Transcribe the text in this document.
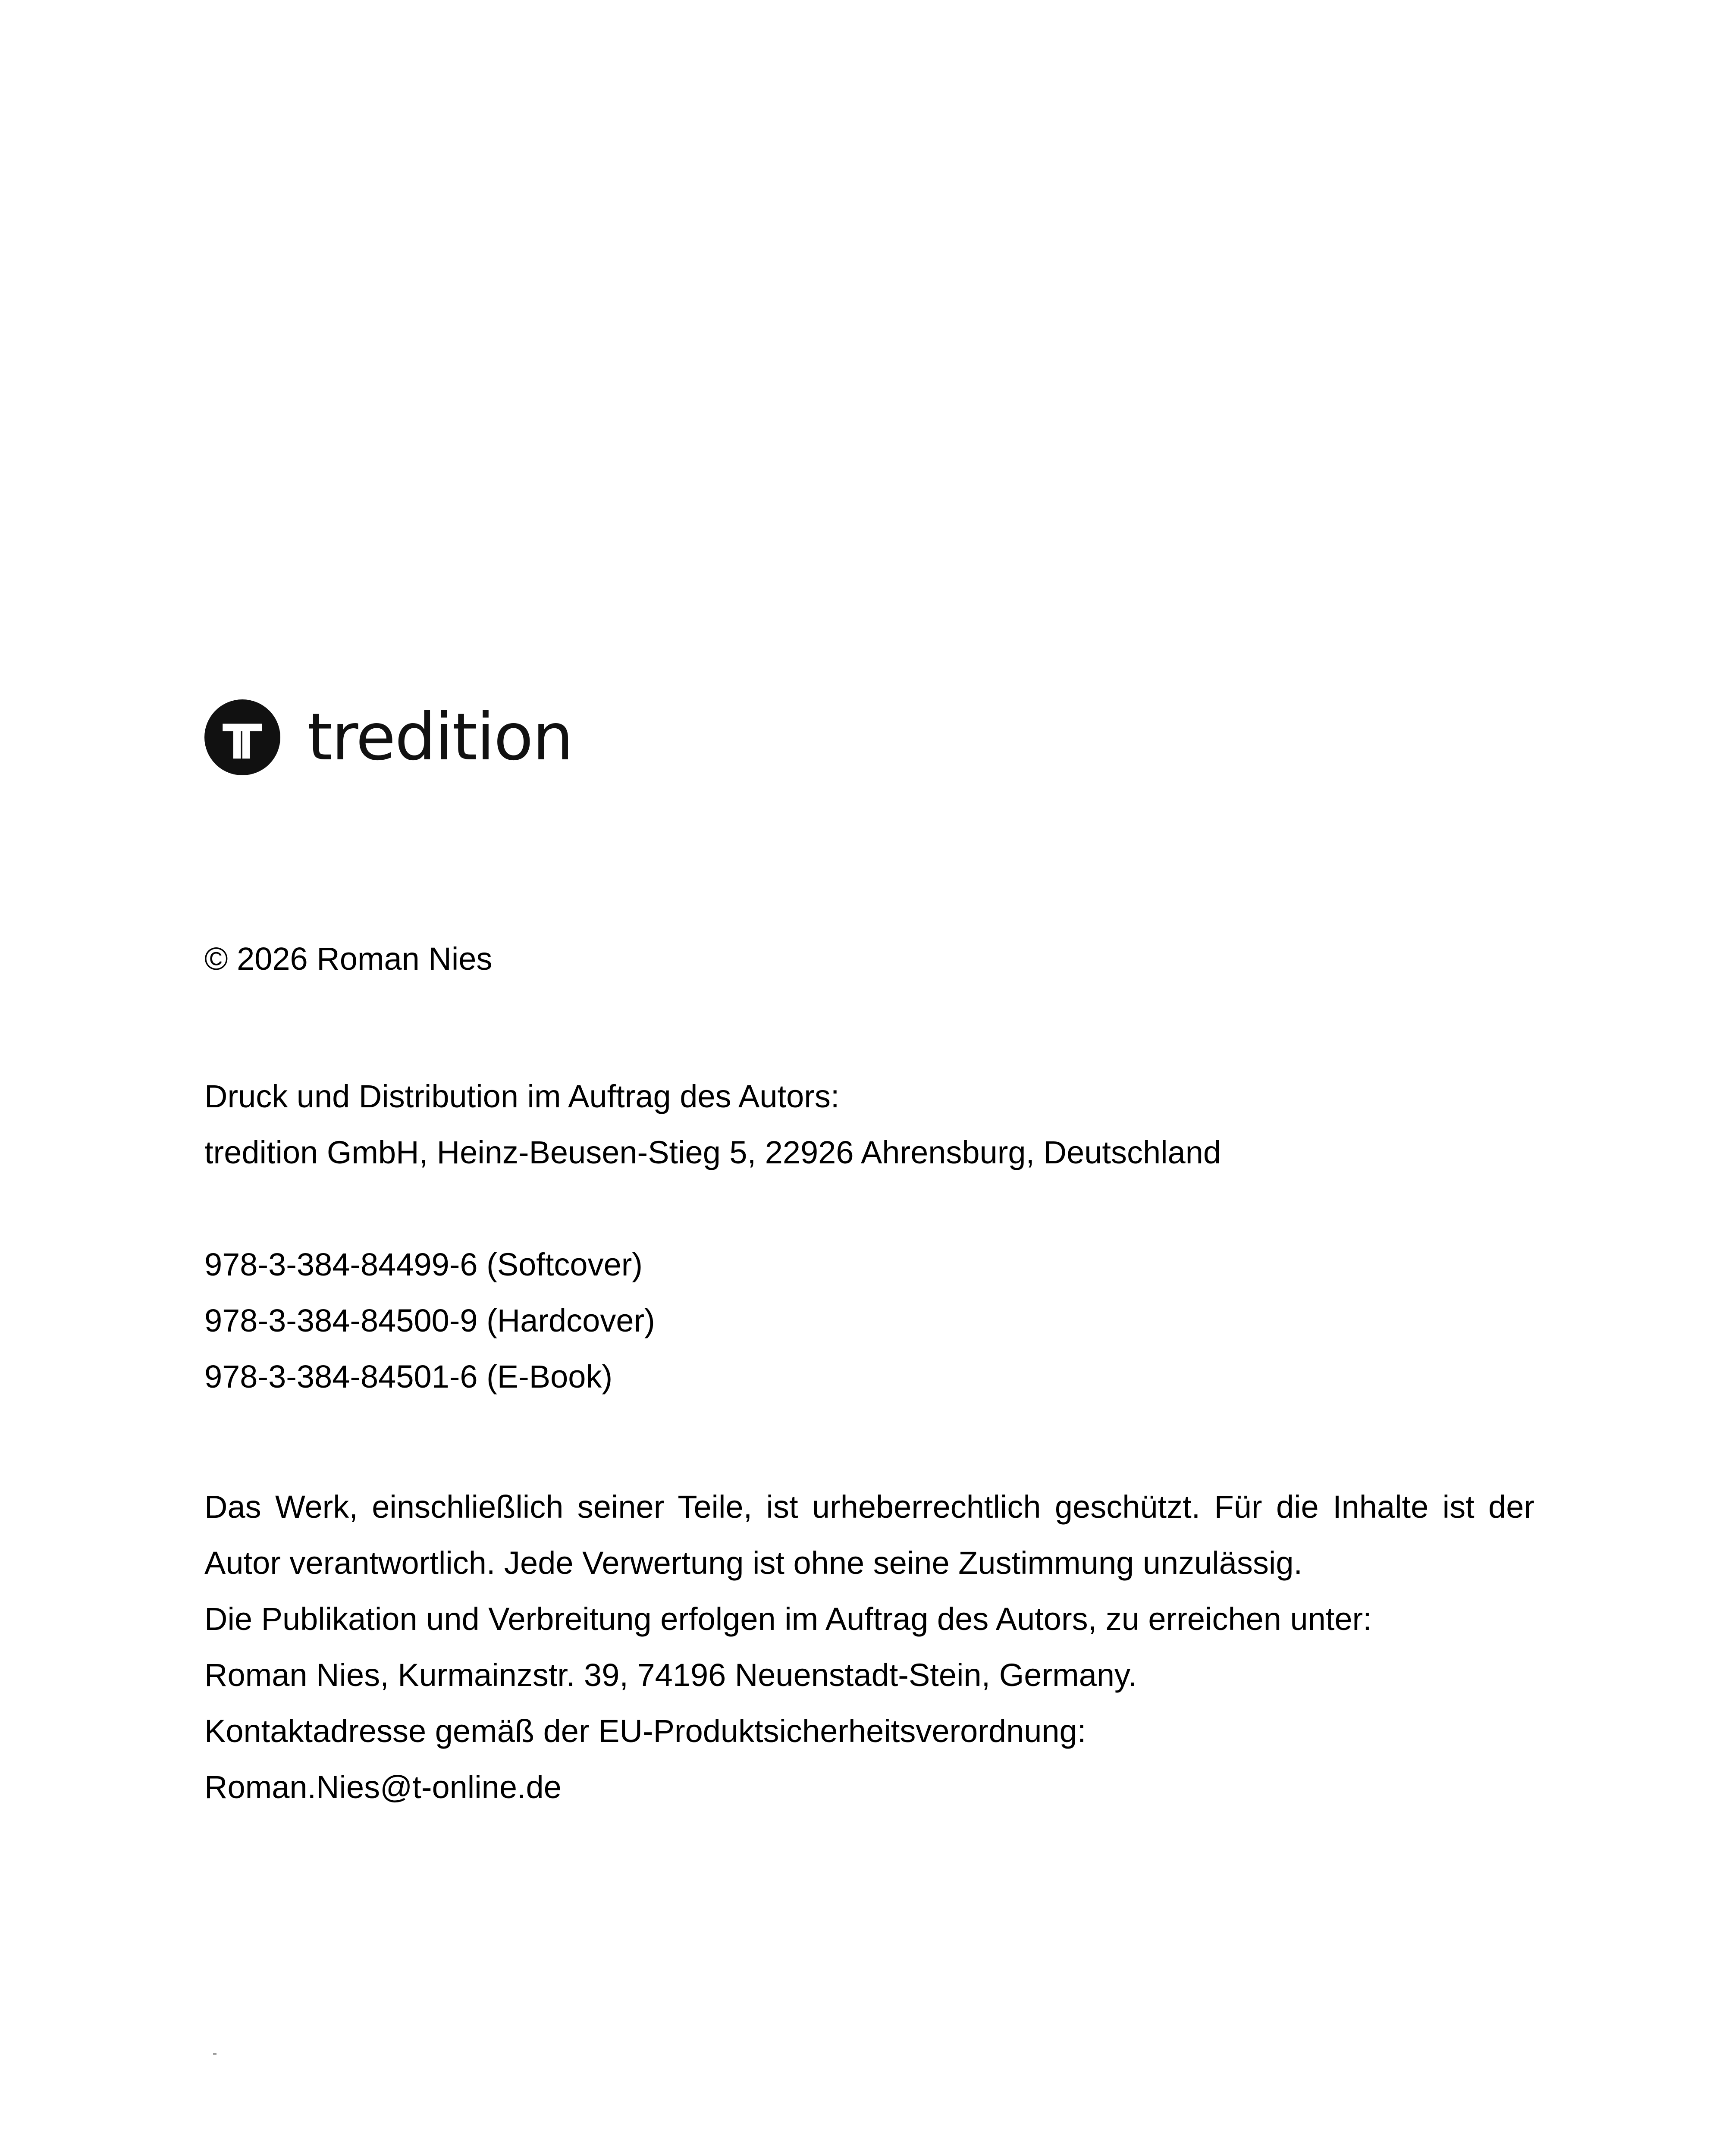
tredition
© 2026 Roman Nies
Druck und Distribution im Auftrag des Autors:
tredition GmbH, Heinz-Beusen-Stieg 5, 22926 Ahrensburg, Deutschland
978-3-384-84499-6 (Softcover)
978-3-384-84500-9 (Hardcover)
978-3-384-84501-6 (E-Book)
Das Werk, einschließlich seiner Teile, ist urheberrechtlich geschützt. Für die Inhalte ist der
Autor verantwortlich. Jede Verwertung ist ohne seine Zustimmung unzulässig.
Die Publikation und Verbreitung erfolgen im Auftrag des Autors, zu erreichen unter:
Roman Nies, Kurmainzstr. 39, 74196 Neuenstadt-Stein, Germany.
Kontaktadresse gemäß der EU-Produktsicherheitsverordnung:
Roman.Nies@t-online.de
